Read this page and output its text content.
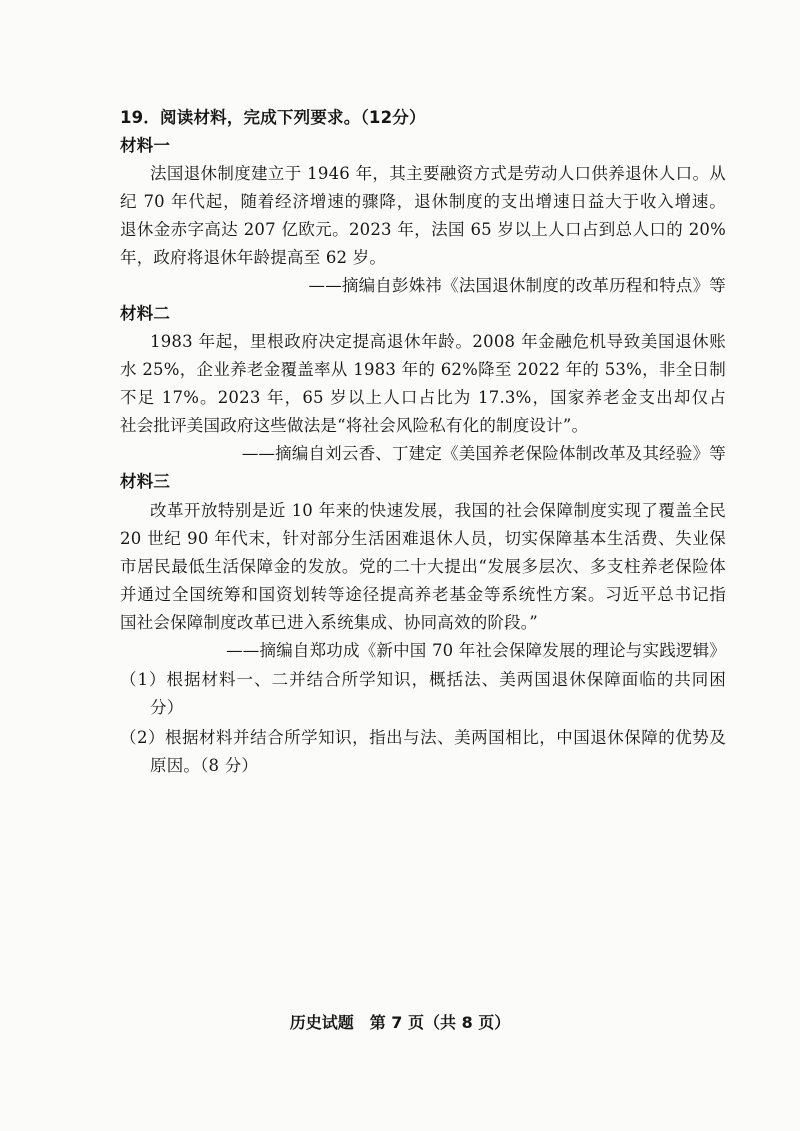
19．阅读材料，完成下列要求。（12分）
材料一
法国退休制度建立于 1946 年，其主要融资方式是劳动人口供养退休人口。从
纪 70 年代起，随着经济增速的骤降，退休制度的支出增速日益大于收入增速。
退休金赤字高达 207 亿欧元。2023 年，法国 65 岁以上人口占到总人口的 20%
年，政府将退休年龄提高至 62 岁。
——摘编自彭姝祎《法国退休制度的改革历程和特点》等
材料二
1983 年起，里根政府决定提高退休年龄。2008 年金融危机导致美国退休账
水 25%，企业养老金覆盖率从 1983 年的 62%降至 2022 年的 53%，非全日制
不足 17%。2023 年，65 岁以上人口占比为 17.3%，国家养老金支出却仅占
社会批评美国政府这些做法是“将社会风险私有化的制度设计”。
——摘编自刘云香、丁建定《美国养老保险体制改革及其经验》等
材料三
改革开放特别是近 10 年来的快速发展，我国的社会保障制度实现了覆盖全民
20 世纪 90 年代末，针对部分生活困难退休人员，切实保障基本生活费、失业保
市居民最低生活保障金的发放。党的二十大提出“发展多层次、多支柱养老保险体
并通过全国统筹和国资划转等途径提高养老基金等系统性方案。习近平总书记指
国社会保障制度改革已进入系统集成、协同高效的阶段。”
——摘编自郑功成《新中国 70 年社会保障发展的理论与实践逻辑》
（1）根据材料一、二并结合所学知识，概括法、美两国退休保障面临的共同困
分）
（2）根据材料并结合所学知识，指出与法、美两国相比，中国退休保障的优势及
原因。（8 分）
历史试题　第 7 页（共 8 页）
